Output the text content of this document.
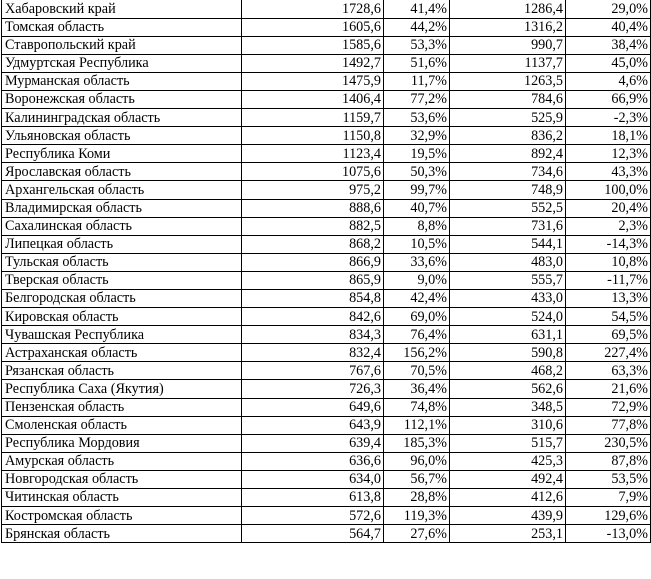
Хабаровский край	1728,6	41,4%	1286,4	29,0%
Томская область	1605,6	44,2%	1316,2	40,4%
Ставропольский край	1585,6	53,3%	990,7	38,4%
Удмуртская Республика	1492,7	51,6%	1137,7	45,0%
Мурманская область	1475,9	11,7%	1263,5	4,6%
Воронежская область	1406,4	77,2%	784,6	66,9%
Калининградская область	1159,7	53,6%	525,9	-2,3%
Ульяновская область	1150,8	32,9%	836,2	18,1%
Республика Коми	1123,4	19,5%	892,4	12,3%
Ярославская область	1075,6	50,3%	734,6	43,3%
Архангельская область	975,2	99,7%	748,9	100,0%
Владимирская область	888,6	40,7%	552,5	20,4%
Сахалинская область	882,5	8,8%	731,6	2,3%
Липецкая область	868,2	10,5%	544,1	-14,3%
Тульская область	866,9	33,6%	483,0	10,8%
Тверская область	865,9	9,0%	555,7	-11,7%
Белгородская область	854,8	42,4%	433,0	13,3%
Кировская область	842,6	69,0%	524,0	54,5%
Чувашская Республика	834,3	76,4%	631,1	69,5%
Астраханская область	832,4	156,2%	590,8	227,4%
Рязанская область	767,6	70,5%	468,2	63,3%
Республика Саха (Якутия)	726,3	36,4%	562,6	21,6%
Пензенская область	649,6	74,8%	348,5	72,9%
Смоленская область	643,9	112,1%	310,6	77,8%
Республика Мордовия	639,4	185,3%	515,7	230,5%
Амурская область	636,6	96,0%	425,3	87,8%
Новгородская область	634,0	56,7%	492,4	53,5%
Читинская область	613,8	28,8%	412,6	7,9%
Костромская область	572,6	119,3%	439,9	129,6%
Брянская область	564,7	27,6%	253,1	-13,0%
